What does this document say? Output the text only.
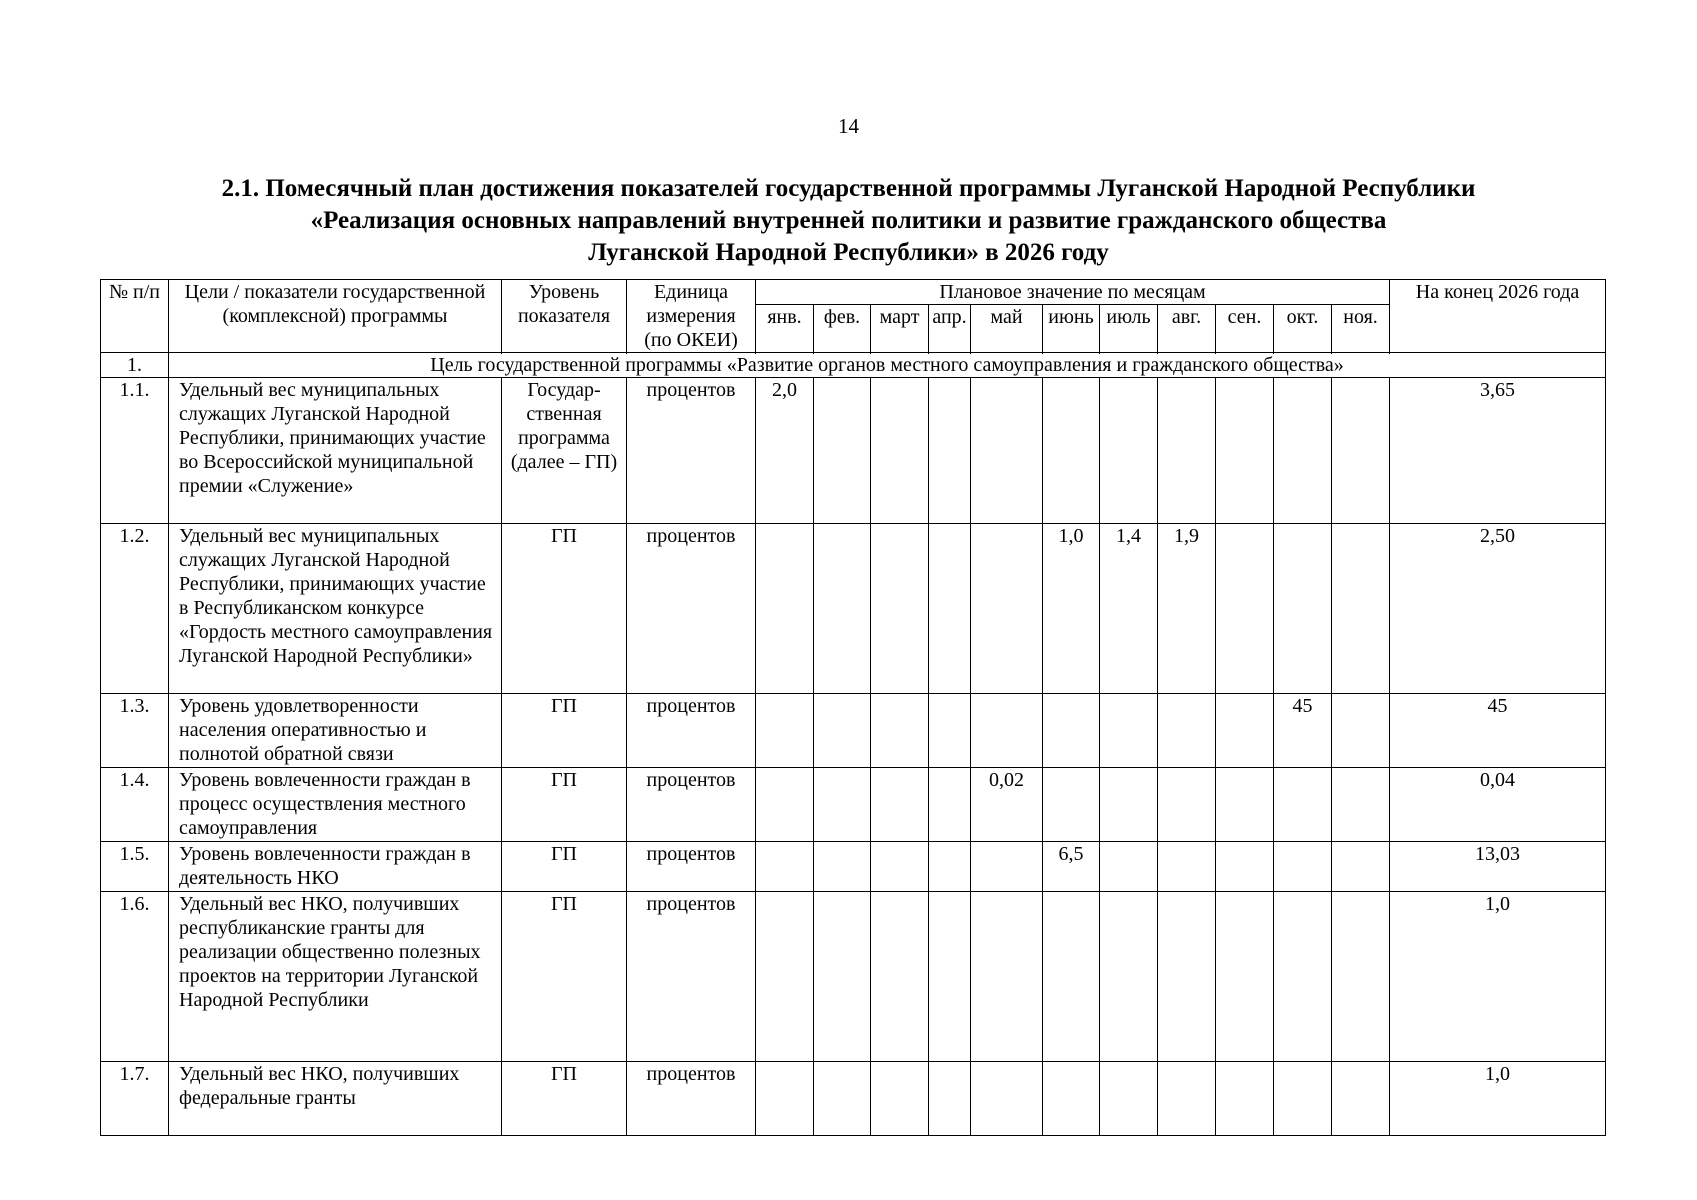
14
2.1. Помесячный план достижения показателей государственной программы Луганской Народной Республики
«Реализация основных направлений внутренней политики и развитие гражданского общества
Луганской Народной Республики» в 2026 году
№ п/п	Цели / показатели государственной (комплексной) программы	Уровень показателя	Единица измерения (по ОКЕИ)	Плановое значение по месяцам											На конец 2026 года
				янв.	фев.	март	апр.	май	июнь	июль	авг.	сен.	окт.	ноя.	

1.	Цель государственной программы «Развитие органов местного самоуправления и гражданского общества»														
1.1.	Удельный вес муниципальных служащих Луганской Народной Республики, принимающих участие во Всероссийской муниципальной премии «Служение»	Государ-ственная программа (далее – ГП)	процентов	2,0											3,65
1.2.	Удельный вес муниципальных служащих Луганской Народной Республики, принимающих участие в Республиканском конкурсе «Гордость местного самоуправления Луганской Народной Республики»	ГП	процентов						1,0	1,4	1,9				2,50
1.3.	Уровень удовлетворенности населения оперативностью и полнотой обратной связи	ГП	процентов										45		45
1.4.	Уровень вовлеченности граждан в процесс осуществления местного самоуправления	ГП	процентов					0,02							0,04
1.5.	Уровень вовлеченности граждан в деятельность НКО	ГП	процентов						6,5						13,03
1.6.	Удельный вес НКО, получивших республиканские гранты для реализации общественно полезных проектов на территории Луганской Народной Республики	ГП	процентов												1,0
1.7.	Удельный вес НКО, получивших федеральные гранты	ГП	процентов												1,0
